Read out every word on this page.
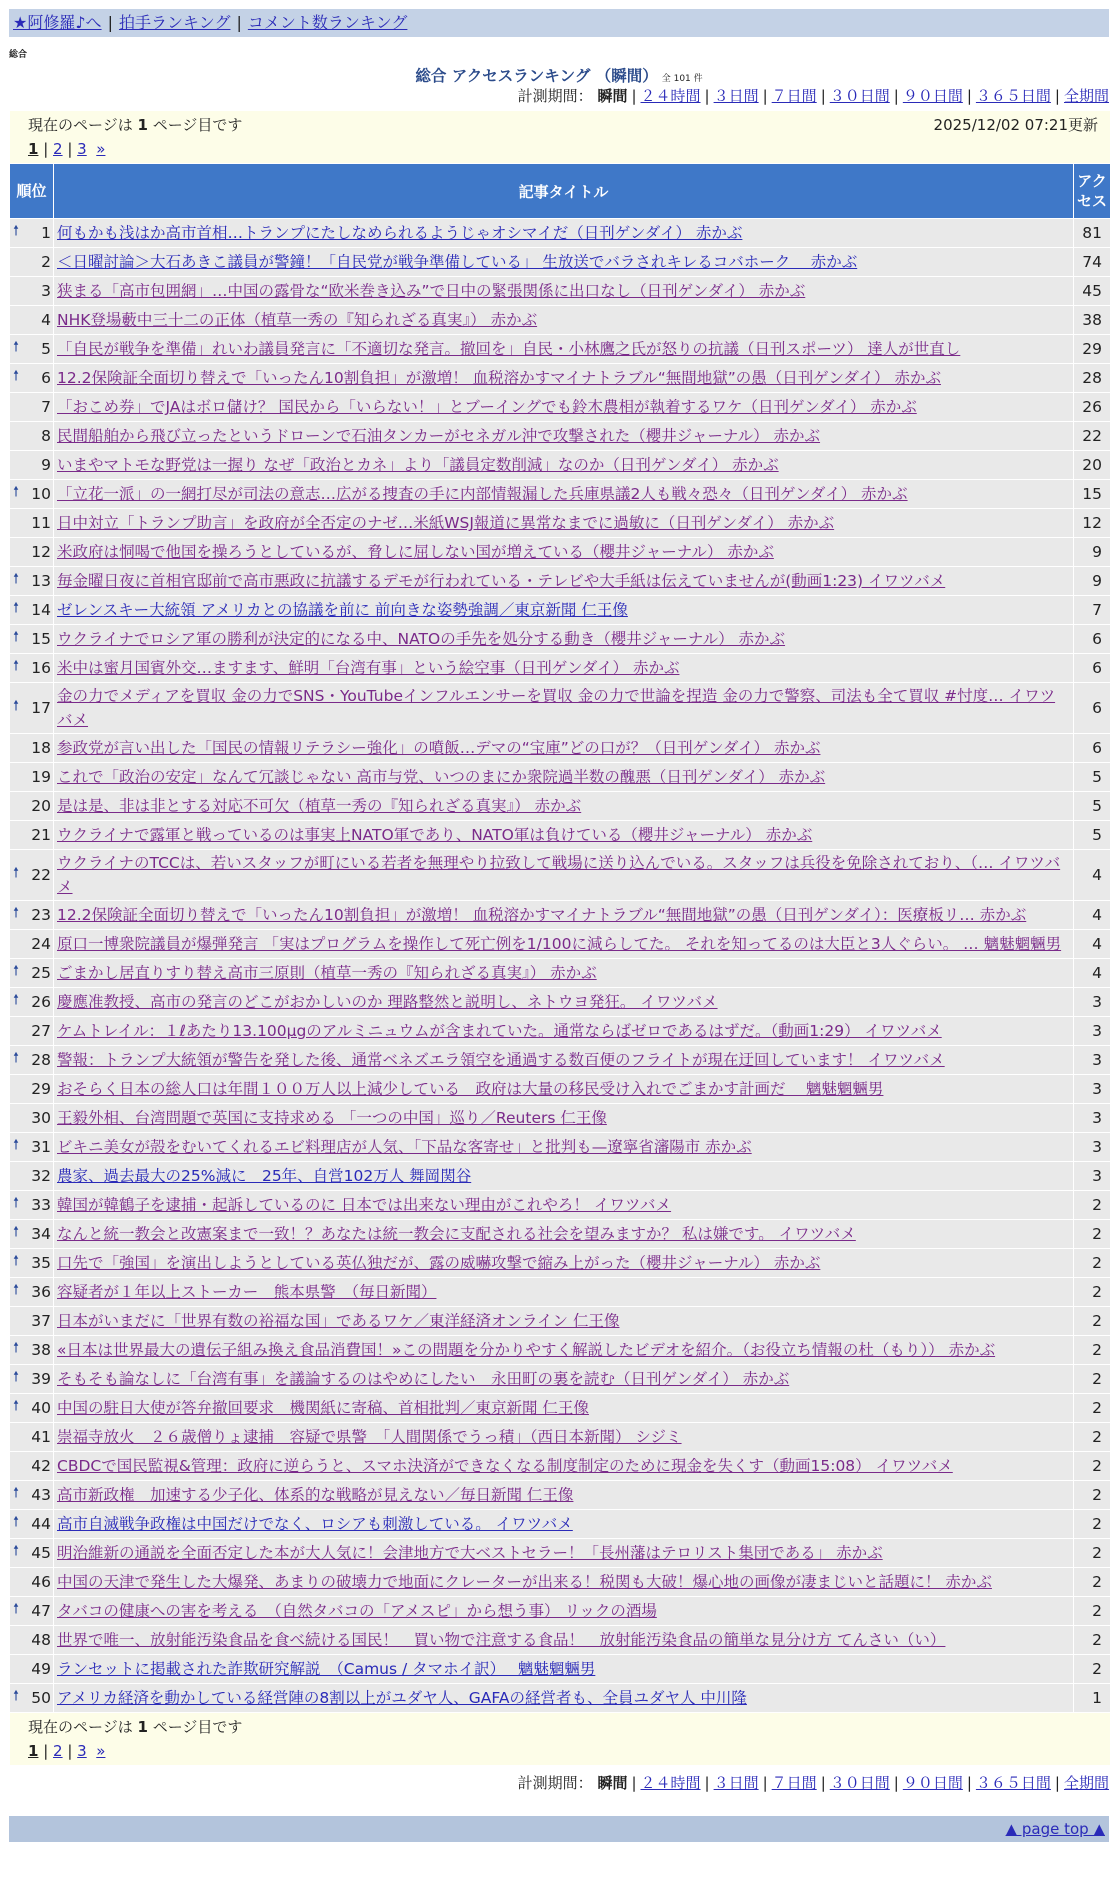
★阿修羅♪へ | 拍手ランキング | コメント数ランキング
総合
総合 アクセスランキング （瞬間） 全 101 件
計測期間： 瞬間 | ２４時間 | ３日間 | ７日間 | ３０日間 | ９０日間 | ３６５日間 | 全期間
2025/12/02 07:21更新
現在のページは 1 ページ目です
1 | 2 | 3 »		
順位	記事タイトル	アク
セス

🠕 1	何もかも浅はか高市首相…トランプにたしなめられるようじゃオシマイだ（日刊ゲンダイ） 赤かぶ	81
2	＜日曜討論＞大石あきこ議員が警鐘！「自民党が戦争準備している」 生放送でバラされキレるコバホーク　 赤かぶ	74
3	狭まる「高市包囲網」…中国の露骨な“欧米巻き込み”で日中の緊張関係に出口なし（日刊ゲンダイ） 赤かぶ	45
4	NHK登場藪中三十二の正体（植草一秀の『知られざる真実』） 赤かぶ	38

🠕 5	「自民が戦争を準備」れいわ議員発言に「不適切な発言。撤回を」自民・小林鷹之氏が怒りの抗議（日刊スポーツ） 達人が世直し	29

🠕 6	12.2保険証全面切り替えで「いったん10割負担」が激増！ 血税溶かすマイナトラブル“無間地獄”の愚（日刊ゲンダイ） 赤かぶ	28
7	「おこめ券」でJAはボロ儲け？ 国民から「いらない！」とブーイングでも鈴木農相が執着するワケ（日刊ゲンダイ） 赤かぶ	26
8	民間船舶から飛び立ったというドローンで石油タンカーがセネガル沖で攻撃された（櫻井ジャーナル） 赤かぶ	22
9	いまやマトモな野党は一握り なぜ「政治とカネ」より「議員定数削減」なのか（日刊ゲンダイ） 赤かぶ	20

🠕 10	「立花一派」の一網打尽が司法の意志…広がる捜査の手に内部情報漏した兵庫県議2人も戦々恐々（日刊ゲンダイ） 赤かぶ	15
11	日中対立「トランプ助言」を政府が全否定のナゼ…米紙WSJ報道に異常なまでに過敏に（日刊ゲンダイ） 赤かぶ	12
12	米政府は恫喝で他国を操ろうとしているが、脅しに屈しない国が増えている（櫻井ジャーナル） 赤かぶ	9

🠕 13	毎金曜日夜に首相官邸前で高市悪政に抗議するデモが行われている・テレビや大手紙は伝えていませんが(動画1:23) イワツバメ	9

🠕 14	ゼレンスキー大統領 アメリカとの協議を前に 前向きな姿勢強調／東京新聞 仁王像	7

🠕 15	ウクライナでロシア軍の勝利が決定的になる中、NATOの手先を処分する動き（櫻井ジャーナル） 赤かぶ	6

🠕 16	米中は蜜月国賓外交…ますます、鮮明「台湾有事」という絵空事（日刊ゲンダイ） 赤かぶ	6

🠕 17	金の力でメディアを買収 金の力でSNS・YouTubeインフルエンサーを買収 金の力で世論を捏造 金の力で警察、司法も全て買収 #忖度… イワツバメ	6
18	参政党が言い出した「国民の情報リテラシー強化」の噴飯…デマの“宝庫”どの口が？（日刊ゲンダイ） 赤かぶ	6
19	これで「政治の安定」なんて冗談じゃない 高市与党、いつのまにか衆院過半数の醜悪（日刊ゲンダイ） 赤かぶ	5
20	是は是、非は非とする対応不可欠（植草一秀の『知られざる真実』） 赤かぶ	5
21	ウクライナで露軍と戦っているのは事実上NATO軍であり、NATO軍は負けている（櫻井ジャーナル） 赤かぶ	5

🠕 22	ウクライナのTCCは、若いスタッフが町にいる若者を無理やり拉致して戦場に送り込んでいる。スタッフは兵役を免除されており、（… イワツバメ	4

🠕 23	12.2保険証全面切り替えで「いったん10割負担」が激増！ 血税溶かすマイナトラブル“無間地獄”の愚（日刊ゲンダイ）：医療板リ… 赤かぶ	4
24	原口一博衆院議員が爆弾発言 「実はプログラムを操作して死亡例を1/100に減らしてた。 それを知ってるのは大臣と3人ぐらい。 … 魑魅魍魎男	4

🠕 25	ごまかし居直りすり替え高市三原則（植草一秀の『知られざる真実』） 赤かぶ	4

🠕 26	慶應准教授、高市の発言のどこがおかしいのか 理路整然と説明し、ネトウヨ発狂。 イワツバメ	3
27	ケムトレイル：１ℓあたり13.100μgのアルミニュウムが含まれていた。通常ならばゼロであるはずだ。（動画1:29） イワツバメ	3

🠕 28	警報：トランプ大統領が警告を発した後、通常ベネズエラ領空を通過する数百便のフライトが現在迂回しています！ イワツバメ	3
29	おそらく日本の総人口は年間１００万人以上減少している　政府は大量の移民受け入れでごまかす計画だ　 魑魅魍魎男	3
30	王毅外相、台湾問題で英国に支持求める 「一つの中国」巡り／Reuters 仁王像	3

🠕 31	ビキニ美女が殻をむいてくれるエビ料理店が人気、「下品な客寄せ」と批判も—遼寧省瀋陽市 赤かぶ	3
32	農家、過去最大の25%減に　25年、自営102万人 舞岡関谷	3

🠕 33	韓国が韓鶴子を逮捕・起訴しているのに 日本では出来ない理由がこれやろ！ イワツバメ	2

🠕 34	なんと統一教会と改憲案まで一致！？あなたは統一教会に支配される社会を望みますか？ 私は嫌です。 イワツバメ	2

🠕 35	口先で「強国」を演出しようとしている英仏独だが、露の威嚇攻撃で縮み上がった（櫻井ジャーナル） 赤かぶ	2

🠕 36	容疑者が１年以上ストーカー　熊本県警　（毎日新聞）	2
37	日本がいまだに「世界有数の裕福な国」であるワケ／東洋経済オンライン 仁王像	2

🠕 38	«日本は世界最大の遺伝子組み換え食品消費国！»この問題を分かりやすく解説したビデオを紹介。（お役立ち情報の杜（もり）） 赤かぶ	2

🠕 39	そもそも論なしに「台湾有事」を議論するのはやめにしたい　永田町の裏を読む（日刊ゲンダイ） 赤かぶ	2

🠕 40	中国の駐日大使が答弁撤回要求　機関紙に寄稿、首相批判／東京新聞 仁王像	2
41	崇福寺放火　２６歳僧りょ逮捕　容疑で県警　「人間関係でうっ積」（西日本新聞） シジミ	2
42	CBDCで国民監視&管理：政府に逆らうと、スマホ決済ができなくなる制度制定のために現金を失くす（動画15:08） イワツバメ	2

🠕 43	高市新政権　加速する少子化、体系的な戦略が見えない／毎日新聞 仁王像	2

🠕 44	高市自滅戦争政権は中国だけでなく、ロシアも刺激している。 イワツバメ	2

🠕 45	明治維新の通説を全面否定した本が大人気に！会津地方で大ベストセラー！「長州藩はテロリスト集団である」 赤かぶ	2
46	中国の天津で発生した大爆発、あまりの破壊力で地面にクレーターが出来る！税関も大破！爆心地の画像が凄まじいと話題に！ 赤かぶ	2

🠕 47	タバコの健康への害を考える　（自然タバコの「アメスピ」から想う事） リックの酒場	2
48	世界で唯一、放射能汚染食品を食べ続ける国民！　買い物で注意する食品！　放射能汚染食品の簡単な見分け方 てんさい（い）	2
49	ランセットに掲載された詐欺研究解説　（Camus / タマホイ訳）　 魑魅魍魎男	2

🠕 50	アメリカ経済を動かしている経営陣の8割以上がユダヤ人、GAFAの経営者も、全員ユダヤ人 中川隆	1
現在のページは 1 ページ目です
1 | 2 | 3 »		
計測期間： 瞬間 | ２４時間 | ３日間 | ７日間 | ３０日間 | ９０日間 | ３６５日間 | 全期間
▲ page top ▲
